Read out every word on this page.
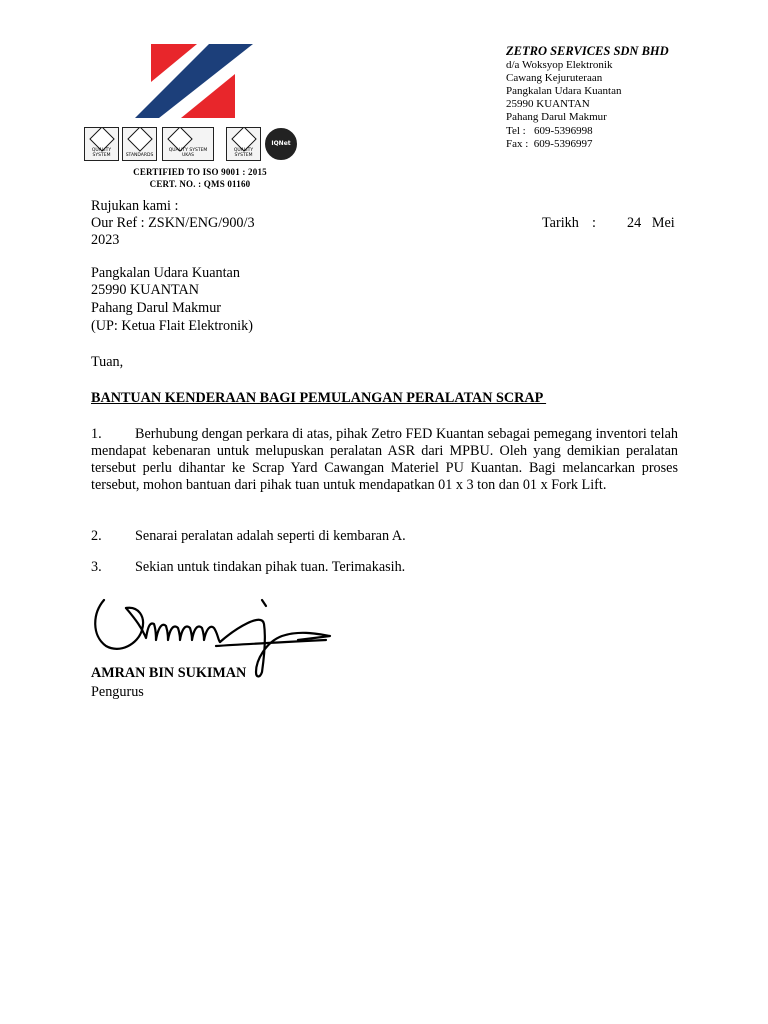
QUALITY SYSTEM	STANDARDS
QUALITY SYSTEM UKAS
QUALITY SYSTEM
IQNet
CERTIFIED TO ISO 9001 : 2015
CERT. NO. : QMS 01160
ZETRO SERVICES SDN BHD
d/a Woksyop Elektronik
Cawang Kejuruteraan
Pangkalan Udara Kuantan
25990 KUANTAN
Pahang Darul Makmur
Tel :   609-5396998
Fax :  609-5396997
Rujukan kami :
Our Ref : ZSKN/ENG/900/3
2023
Tarikh : 24   Mei
Pangkalan Udara Kuantan
25990 KUANTAN
Pahang Darul Makmur
(UP: Ketua Flait Elektronik)
Tuan,
BANTUAN KENDERAAN BAGI PEMULANGAN PERALATAN SCRAP
1. Berhubung dengan perkara di atas, pihak Zetro FED Kuantan sebagai pemegang inventori telah mendapat kebenaran untuk melupuskan peralatan ASR dari MPBU. Oleh yang demikian peralatan tersebut perlu dihantar ke Scrap Yard Cawangan Materiel PU Kuantan. Bagi melancarkan proses tersebut, mohon bantuan dari pihak tuan untuk mendapatkan 01 x 3 ton dan 01 x Fork Lift.
2. Senarai peralatan adalah seperti di kembaran A.
3. Sekian untuk tindakan pihak tuan. Terimakasih.
AMRAN BIN SUKIMAN
Pengurus
